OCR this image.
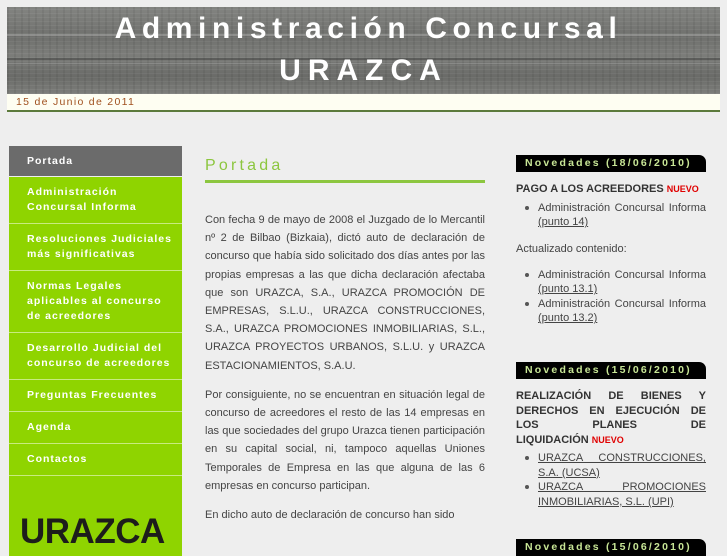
Administración Concursal
URAZCA
15 de Junio de 2011
Portada
Administración Concursal Informa
Resoluciones Judiciales más significativas
Normas Legales aplicables al concurso de acreedores
Desarrollo Judicial del concurso de acreedores
Preguntas Frecuentes
Agenda
Contactos
URAZCA
Portada

Con fecha 9 de mayo de 2008 el Juzgado de lo Mercantil nº 2 de Bilbao (Bizkaia), dictó auto de declaración de concurso que había sido solicitado dos días antes por las propias empresas a las que dicha declaración afectaba que son URAZCA, S.A., URAZCA PROMOCIÓN DE EMPRESAS, S.L.U., URAZCA CONSTRUCCIONES, S.A., URAZCA PROMOCIONES INMOBILIARIAS, S.L., URAZCA PROYECTOS URBANOS, S.L.U. y URAZCA ESTACIONAMIENTOS, S.A.U.

Por consiguiente, no se encuentran en situación legal de concurso de acreedores el resto de las 14 empresas en las que sociedades del grupo Urazca tienen participación en su capital social, ni, tampoco aquellas Uniones Temporales de Empresa en las que alguna de las 6 empresas en concurso participan.

En dicho auto de declaración de concurso han sido

Novedades (18/06/2010)
PAGO A LOS ACREEDORES NUEVO
Administración Concursal Informa (punto 14)
Actualizado contenido:
Administración Concursal Informa (punto 13.1)
Administración Concursal Informa (punto 13.2)
Novedades (15/06/2010)
REALIZACIÓN DE BIENES Y DERECHOS EN EJECUCIÓN DE LOS PLANES DE LIQUIDACIÓN NUEVO
URAZCA CONSTRUCCIONES, S.A. (UCSA)
URAZCA PROMOCIONES INMOBILIARIAS, S.L. (UPI)
Novedades (15/06/2010)
